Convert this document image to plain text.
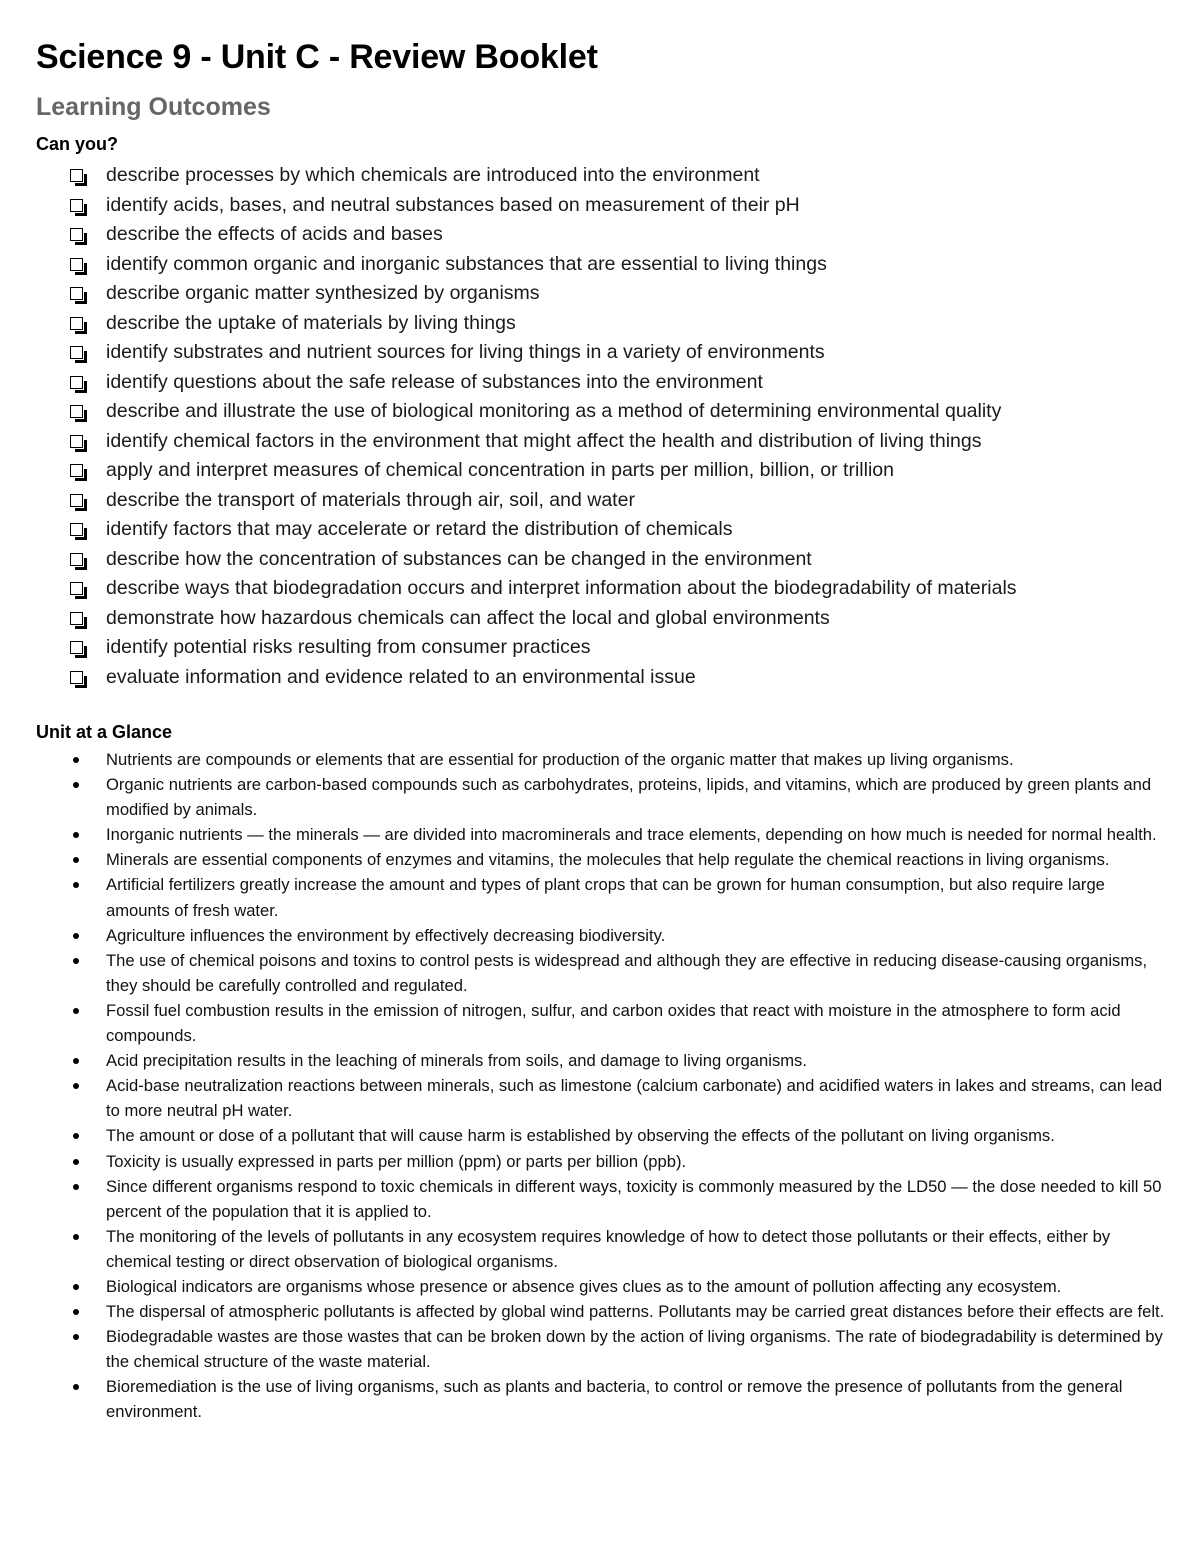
Science 9 - Unit C - Review Booklet
Learning Outcomes
Can you?
describe processes by which chemicals are introduced into the environment
identify acids, bases, and neutral substances based on measurement of their pH
describe the effects of acids and bases
identify common organic and inorganic substances that are essential to living things
describe organic matter synthesized by organisms
describe the uptake of materials by living things
identify substrates and nutrient sources for living things in a variety of environments
identify questions about the safe release of substances into the environment
describe and illustrate the use of biological monitoring as a method of determining environmental quality
identify chemical factors in the environment that might affect the health and distribution of living things
apply and interpret measures of chemical concentration in parts per million, billion, or trillion
describe the transport of materials through air, soil, and water
identify factors that may accelerate or retard the distribution of chemicals
describe how the concentration of substances can be changed in the environment
describe ways that biodegradation occurs and interpret information about the biodegradability of materials
demonstrate how hazardous chemicals can affect the local and global environments
identify potential risks resulting from consumer practices
evaluate information and evidence related to an environmental issue
Unit at a Glance
Nutrients are compounds or elements that are essential for production of the organic matter that makes up living organisms.
Organic nutrients are carbon-based compounds such as carbohydrates, proteins, lipids, and vitamins, which are produced by green plants and modified by animals.
Inorganic nutrients — the minerals — are divided into macrominerals and trace elements, depending on how much is needed for normal health.
Minerals are essential components of enzymes and vitamins, the molecules that help regulate the chemical reactions in living organisms.
Artificial fertilizers greatly increase the amount and types of plant crops that can be grown for human consumption, but also require large amounts of fresh water.
Agriculture influences the environment by effectively decreasing biodiversity.
The use of chemical poisons and toxins to control pests is widespread and although they are effective in reducing disease-causing organisms, they should be carefully controlled and regulated.
Fossil fuel combustion results in the emission of nitrogen, sulfur, and carbon oxides that react with moisture in the atmosphere to form acid compounds.
Acid precipitation results in the leaching of minerals from soils, and damage to living organisms.
Acid-base neutralization reactions between minerals, such as limestone (calcium carbonate) and acidified waters in lakes and streams, can lead to more neutral pH water.
The amount or dose of a pollutant that will cause harm is established by observing the effects of the pollutant on living organisms.
Toxicity is usually expressed in parts per million (ppm) or parts per billion (ppb).
Since different organisms respond to toxic chemicals in different ways, toxicity is commonly measured by the LD50 — the dose needed to kill 50 percent of the population that it is applied to.
The monitoring of the levels of pollutants in any ecosystem requires knowledge of how to detect those pollutants or their effects, either by chemical testing or direct observation of biological organisms.
Biological indicators are organisms whose presence or absence gives clues as to the amount of pollution affecting any ecosystem.
The dispersal of atmospheric pollutants is affected by global wind patterns. Pollutants may be carried great distances before their effects are felt.
Biodegradable wastes are those wastes that can be broken down by the action of living organisms. The rate of biodegradability is determined by the chemical structure of the waste material.
Bioremediation is the use of living organisms, such as plants and bacteria, to control or remove the presence of pollutants from the general environment.
